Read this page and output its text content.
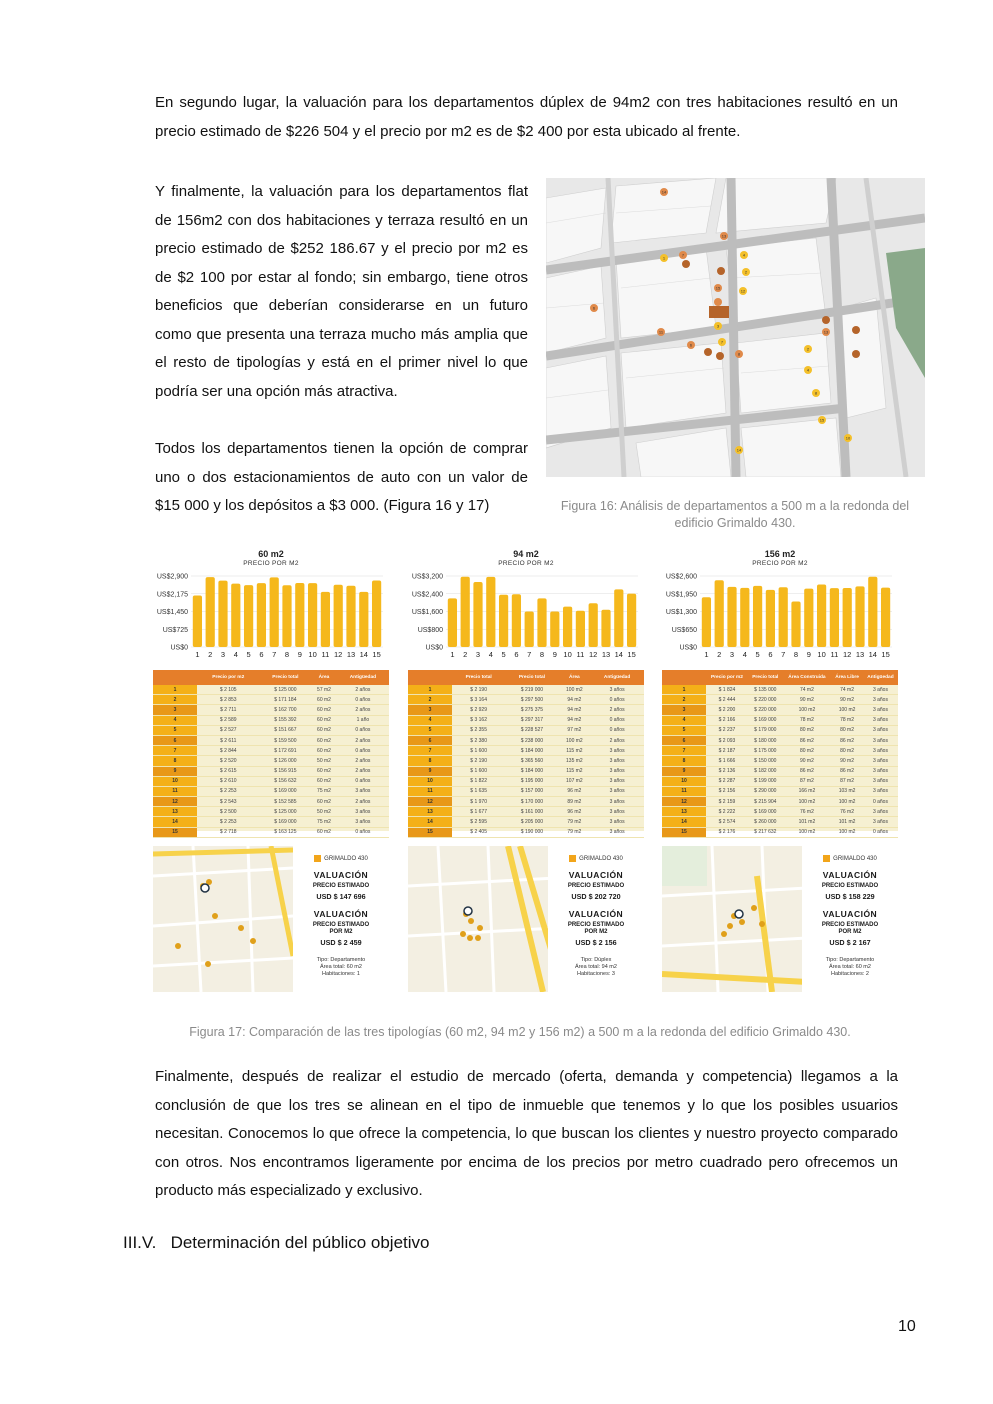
En segundo lugar, la valuación para los departamentos dúplex de 94m2 con tres habitaciones resultó en un precio estimado de $226 504 y el precio por m2 es de $2 400 por esta ubicado al frente.
Y finalmente, la valuación para los departamentos flat de 156m2 con dos habitaciones y terraza resultó en un precio estimado de $252 186.67 y el precio por m2 es de $2 100 por estar al fondo; sin embargo, tiene otros beneficios que deberían considerarse en un futuro como que presenta una terraza mucho más amplia que el resto de tipologías y está en el primer nivel lo que podría ser una opción más atractiva.
Todos los departamentos tienen la opción de comprar uno o dos estacionamientos de auto con un valor de $15 000 y los depósitos a $3 000. (Figura 16 y 17)
14
1
7
13
4
2
15
12
6
11
3
6
7
8
13
2
4
8
15
10
14
Figura 16: Análisis de departamentos a 500 m a la redonda del edificio Grimaldo 430.
60 m2
PRECIO POR M2
US$2,900
US$2,175
US$1,450
US$725
US$0
1 2 3 4 5 6 7 8 9 10 11 12 13 14 15
94 m2
PRECIO POR M2
US$3,200
US$2,400
US$1,600
US$800
US$0
1 2 3 4 5 6 7 8 9 10 11 12 13 14 15
156 m2
PRECIO POR M2
US$2,600
US$1,950
US$1,300
US$650
US$0
1 2 3 4 5 6 7 8 9 10 11 12 13 14 15
	Precio por m2	Precio total	Área	Antigüedad
1	$ 2 105	$ 125 000	57 m2	2 años
2	$ 2 853	$ 171 184	60 m2	0 años
3	$ 2 711	$ 162 700	60 m2	2 años
4	$ 2 589	$ 155 392	60 m2	1 año
5	$ 2 527	$ 151 667	60 m2	0 años
6	$ 2 611	$ 159 500	60 m2	2 años
7	$ 2 844	$ 172 691	60 m2	0 años
8	$ 2 520	$ 126 000	50 m2	2 años
9	$ 2 615	$ 156 915	60 m2	2 años
10	$ 2 610	$ 156 632	60 m2	0 años
11	$ 2 253	$ 169 000	75 m2	3 años
12	$ 2 543	$ 152 585	60 m2	2 años
13	$ 2 500	$ 125 000	50 m2	3 años
14	$ 2 253	$ 169 000	75 m2	3 años
15	$ 2 718	$ 163 125	60 m2	0 años
	Precio total	Precio total	Área	Antigüedad
1	$ 2 190	$ 219 000	100 m2	3 años
2	$ 3 164	$ 297 500	94 m2	0 años
3	$ 2 929	$ 275 375	94 m2	2 años
4	$ 3 162	$ 297 317	94 m2	0 años
5	$ 2 355	$ 228 527	97 m2	0 años
6	$ 2 380	$ 238 000	100 m2	2 años
7	$ 1 600	$ 184 000	115 m2	3 años
8	$ 2 190	$ 365 560	135 m2	3 años
9	$ 1 600	$ 184 000	115 m2	3 años
10	$ 1 822	$ 195 000	107 m2	3 años
11	$ 1 635	$ 157 000	96 m2	3 años
12	$ 1 970	$ 170 000	89 m2	3 años
13	$ 1 677	$ 161 000	96 m2	3 años
14	$ 2 595	$ 205 000	79 m2	3 años
15	$ 2 405	$ 190 000	79 m2	3 años
	Precio por m2	Precio total	Área Construida	Área Libre	Antigüedad
1	$ 1 824	$ 135 000	74 m2	74 m2	3 años
2	$ 2 444	$ 220 000	90 m2	90 m2	3 años
3	$ 2 200	$ 220 000	100 m2	100 m2	3 años
4	$ 2 166	$ 169 000	78 m2	78 m2	3 años
5	$ 2 237	$ 179 000	80 m2	80 m2	3 años
6	$ 2 093	$ 180 000	86 m2	86 m2	3 años
7	$ 2 187	$ 175 000	80 m2	80 m2	3 años
8	$ 1 666	$ 150 000	90 m2	90 m2	3 años
9	$ 2 136	$ 182 000	86 m2	86 m2	3 años
10	$ 2 287	$ 199 000	87 m2	87 m2	3 años
11	$ 2 156	$ 290 000	166 m2	103 m2	3 años
12	$ 2 159	$ 215 904	100 m2	100 m2	0 años
13	$ 2 222	$ 169 000	76 m2	76 m2	3 años
14	$ 2 574	$ 260 000	101 m2	101 m2	3 años
15	$ 2 176	$ 217 632	100 m2	100 m2	0 años
GRIMALDO 430
VALUACIÓN
PRECIO ESTIMADO
USD $ 147 696
VALUACIÓN
PRECIO ESTIMADO
POR M2
USD $ 2 459
Tipo: Departamento
Área total: 60 m2
Habitaciones: 1
GRIMALDO 430
VALUACIÓN
PRECIO ESTIMADO
USD $ 202 720
VALUACIÓN
PRECIO ESTIMADO
POR M2
USD $ 2 156
Tipo: Dúplex
Área total: 94 m2
Habitaciones: 3
GRIMALDO 430
VALUACIÓN
PRECIO ESTIMADO
USD $ 158 229
VALUACIÓN
PRECIO ESTIMADO
POR M2
USD $ 2 167
Tipo: Departamento
Área total: 60 m2
Habitaciones: 2
Figura 17: Comparación de las tres tipologías (60 m2, 94 m2 y 156 m2) a 500 m a la redonda del edificio Grimaldo 430.
Finalmente, después de realizar el estudio de mercado (oferta, demanda y competencia) llegamos a la conclusión de que los tres se alinean en el tipo de inmueble que tenemos y lo que los posibles usuarios necesitan. Conocemos lo que ofrece la competencia, lo que buscan los clientes y nuestro proyecto comparado con otros. Nos encontramos ligeramente por encima de los precios por metro cuadrado pero ofrecemos un producto más especializado y exclusivo.
III.V.   Determinación del público objetivo
10
